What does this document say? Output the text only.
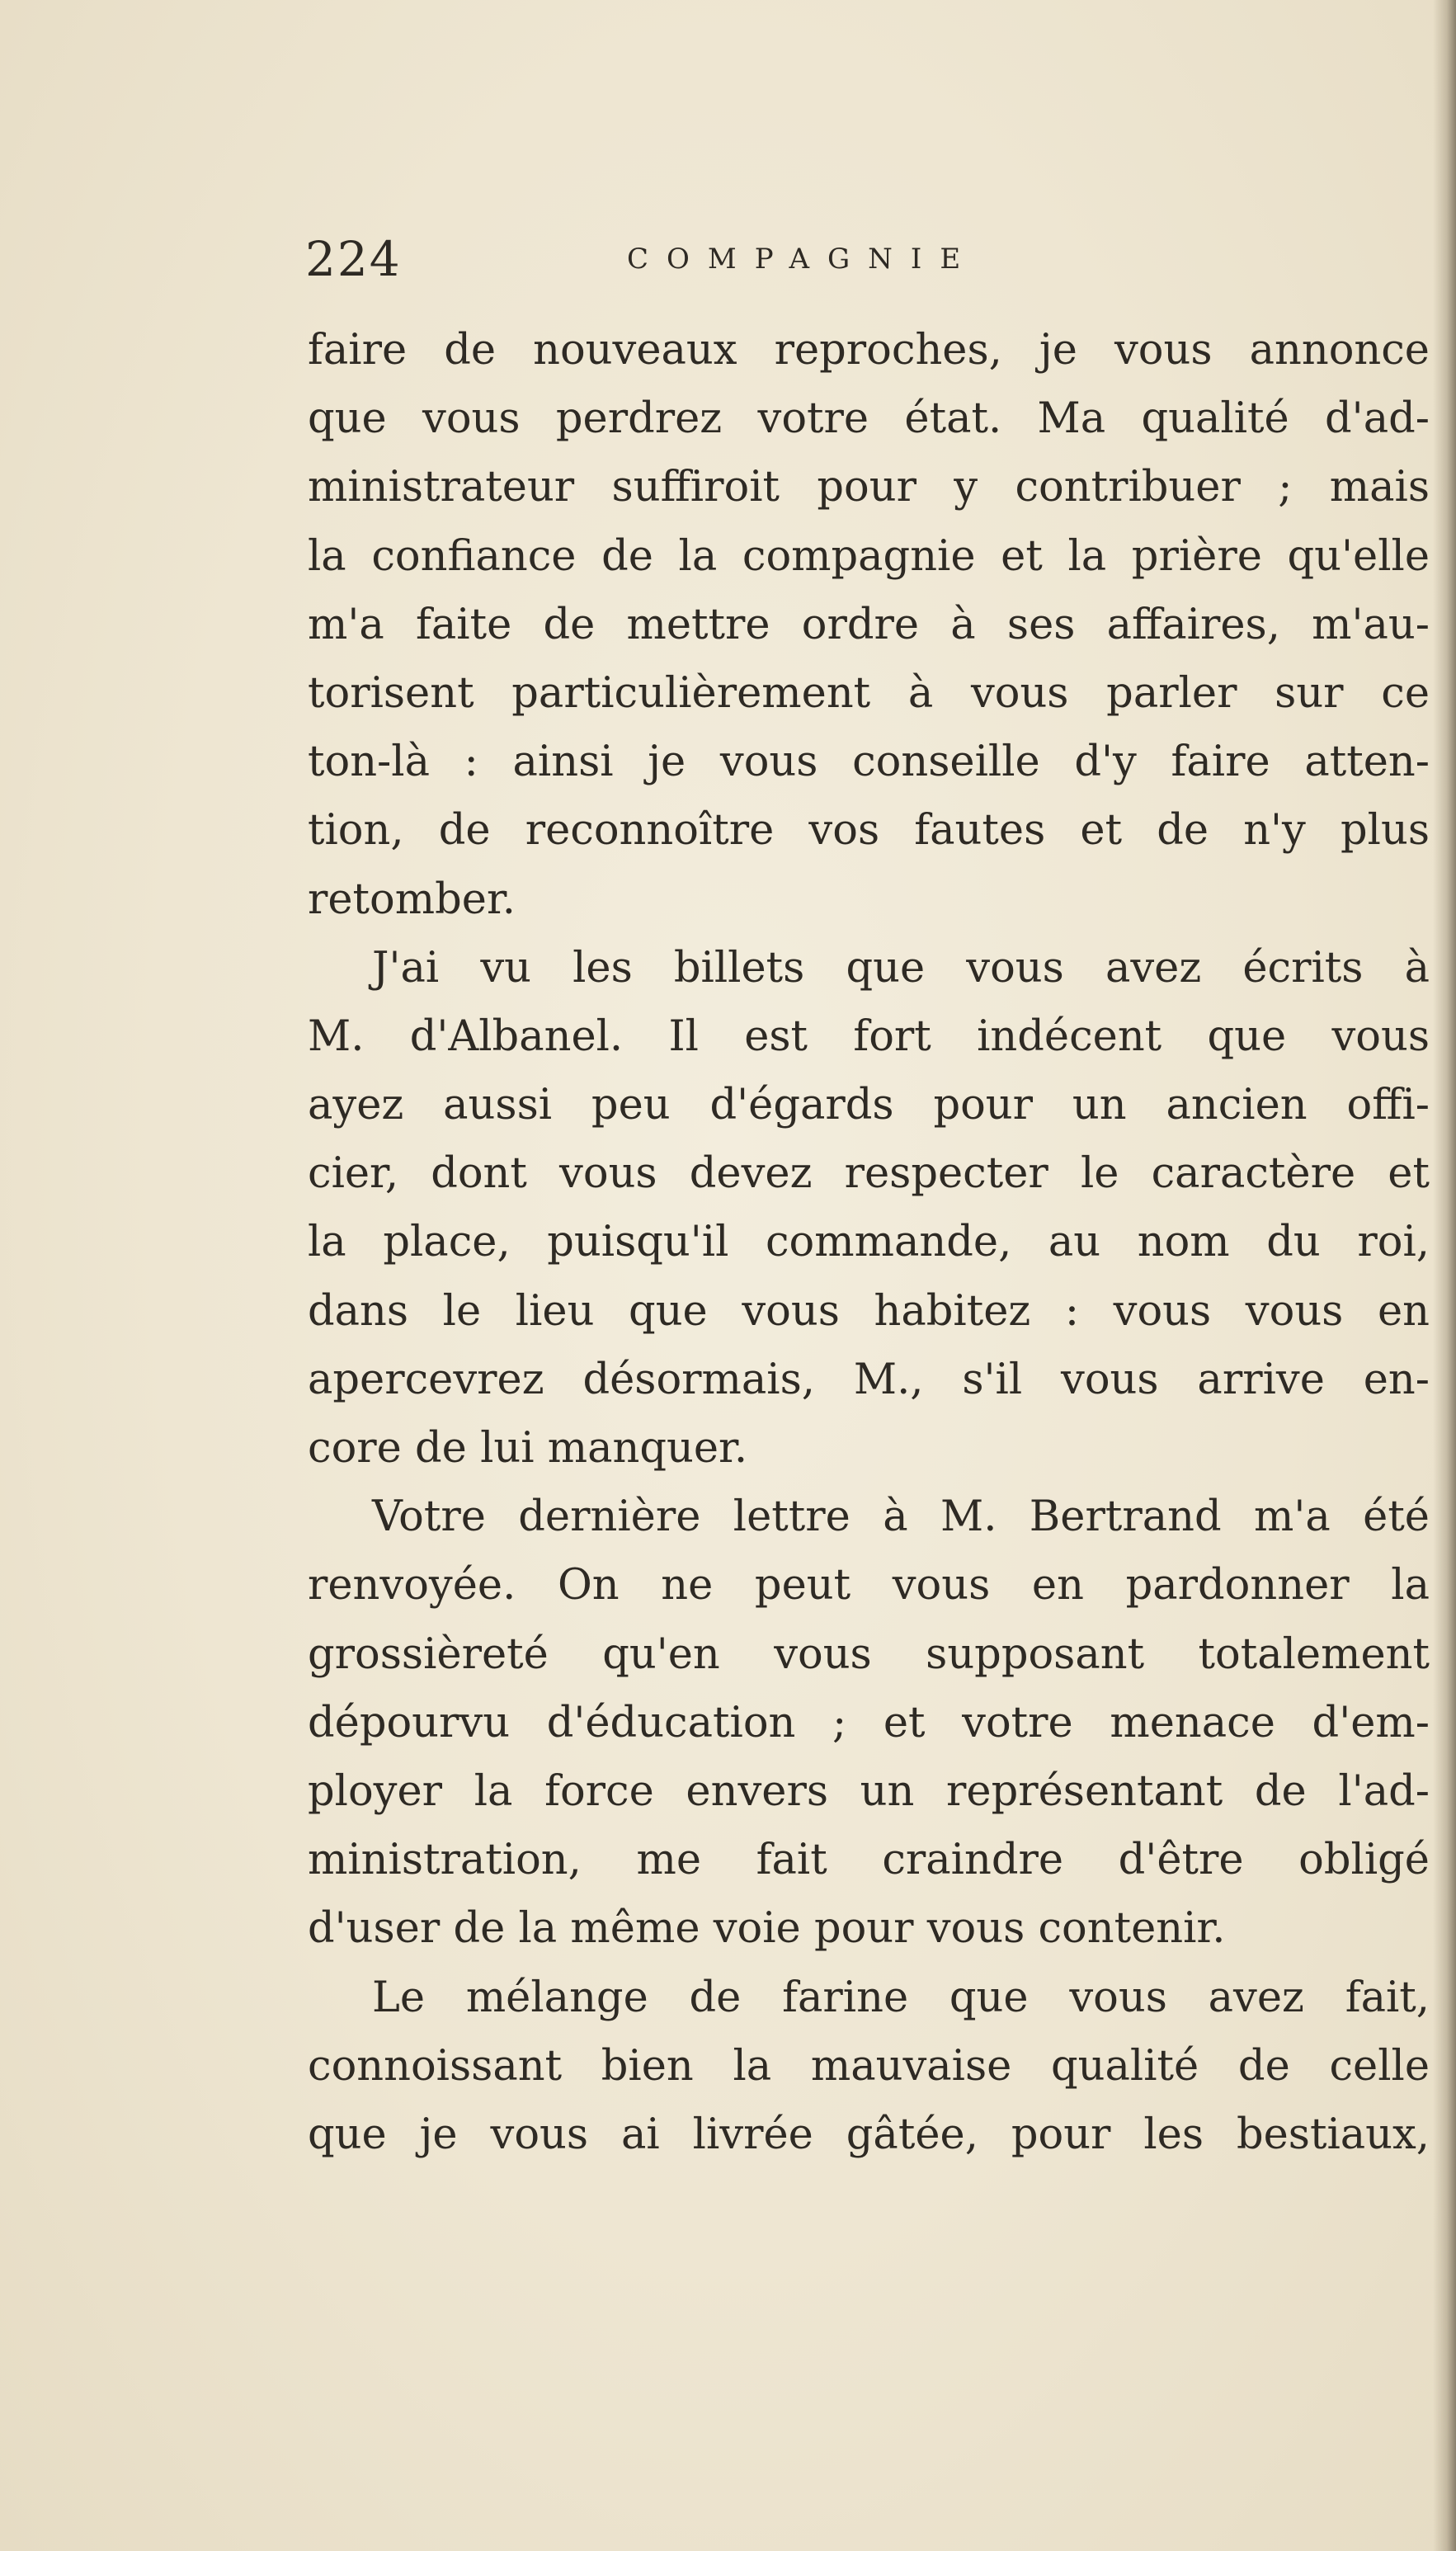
224	COMPAGNIE
faire de nouveaux reproches, je vous annonce
que vous perdrez votre état. Ma qualité d'ad-
ministrateur suffiroit pour y contribuer ; mais
la confiance de la compagnie et la prière qu'elle
m'a faite de mettre ordre à ses affaires, m'au-
torisent particulièrement à vous parler sur ce
ton-là : ainsi je vous conseille d'y faire atten-
tion, de reconnoître vos fautes et de n'y plus
retomber.
J'ai vu les billets que vous avez écrits à
M. d'Albanel. Il est fort indécent que vous
ayez aussi peu d'égards pour un ancien offi-
cier, dont vous devez respecter le caractère et
la place, puisqu'il commande, au nom du roi,
dans le lieu que vous habitez : vous vous en
apercevrez désormais, M., s'il vous arrive en-
core de lui manquer.
Votre dernière lettre à M. Bertrand m'a été
renvoyée. On ne peut vous en pardonner la
grossièreté qu'en vous supposant totalement
dépourvu d'éducation ; et votre menace d'em-
ployer la force envers un représentant de l'ad-
ministration, me fait craindre d'être obligé
d'user de la même voie pour vous contenir.
Le mélange de farine que vous avez fait,
connoissant bien la mauvaise qualité de celle
que je vous ai livrée gâtée, pour les bestiaux,
